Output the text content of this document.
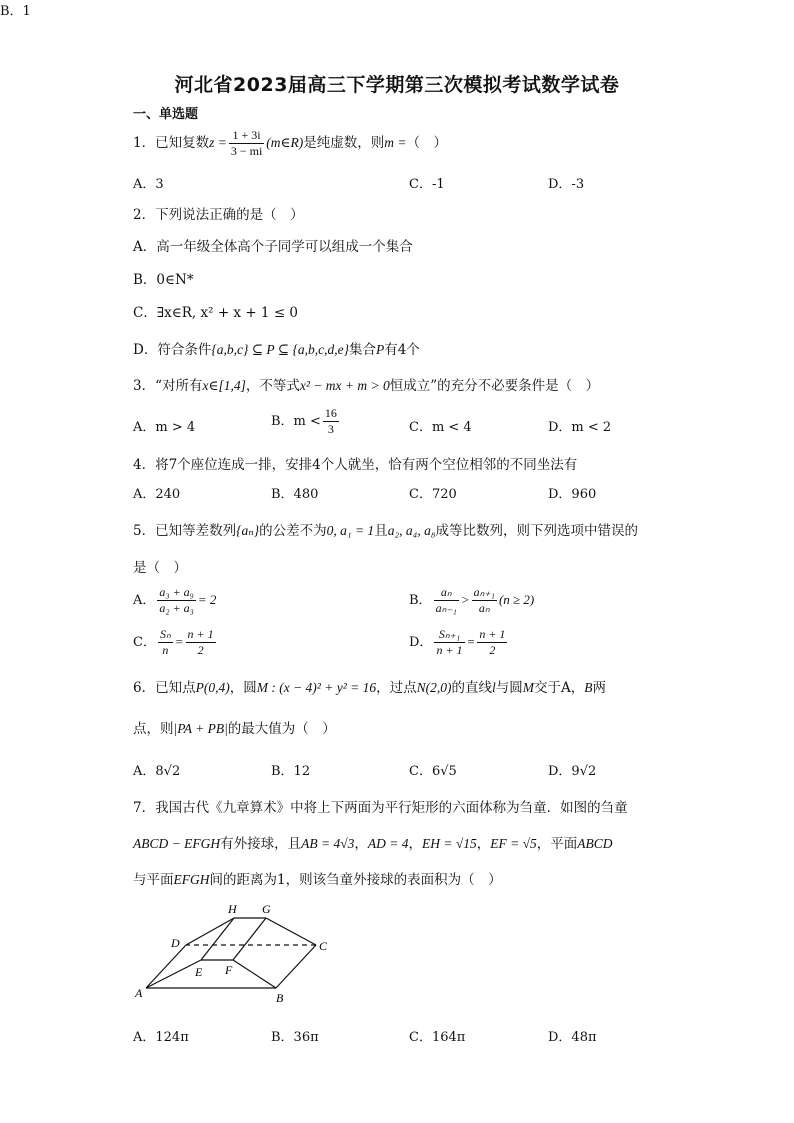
河北省2023届高三下学期第三次模拟考试数学试卷
一、单选题
1．已知复数$z = \frac{1 + 3i}{3 - mi}$ (m∈R)是纯虚数，则m =（　）
A．3
B．1
C．-1	D．-3
2．下列说法正确的是（　）
A．高一年级全体高个子同学可以组成一个集合
B．0∈N*
C．∃x∈R, x² + x + 1 ≤ 0
D．符合条件{a,b,c} ⊆ P ⊆ {a,b,c,d,e}集合P有4个
3．“对所有x∈[1,4]，不等式x² − mx + m > 0恒成立”的充分不必要条件是（　）
A．m > 4	B．$m < \frac{16}{3}$	C．m < 4	D．m < 2
4．将7个座位连成一排，安排4个人就坐，恰有两个空位相邻的不同坐法有
A．240	B．480	C．720	D．960
5．已知等差数列{aₙ}的公差不为0, a₁ = 1且a₂, a₄, a₈成等比数列，则下列选项中错误的
是（　）
A． $\frac{\text{a₃ + a₉}}{\text{a₂ + a₃}} = 2$	B． $\frac{\text{aₙ}}{\text{aₙ₋₁}} > \frac{\text{aₙ₊₁}}{\text{aₙ}} (n \ge 2)$
C． $\frac{\text{Sₙ}}{n} = \frac{n + 1}{2}$	D． $\frac{\text{Sₙ₊₁}}{n + 1} = \frac{n + 1}{2}$
6．已知点P(0,4)，圆M : (x − 4)² + y² = 16，过点N(2,0)的直线l与圆M交于A，B两
点，则|PA + PB|的最大值为（　）
A．8√2	B．12	C．6√5	D．9√2
7．我国古代《九章算术》中将上下两面为平行矩形的六面体称为刍童．如图的刍童
ABCD − EFGH有外接球，且AB = 4√3，AD = 4，EH = √15，EF = √5，平面ABCD
与平面EFGH间的距离为1，则该刍童外接球的表面积为（　）
A	B
C
D
E F
G
H
A．124π	B．36π	C．164π	D．48π
